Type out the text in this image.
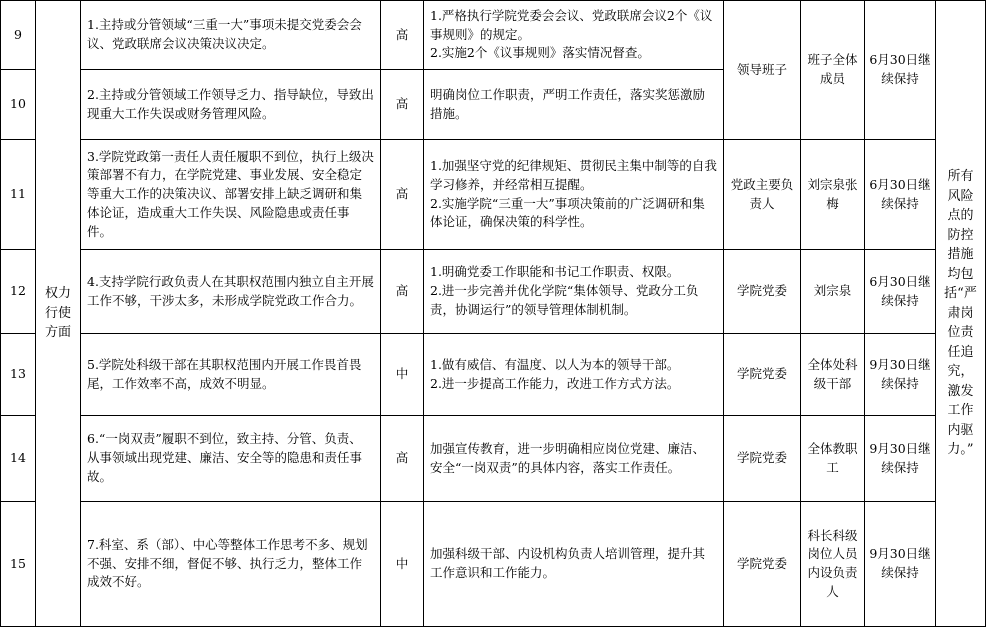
9	权力行使方面	1.主持或分管领域“三重一大”事项未提交党委会会议、党政联席会议决策决议决定。	高	1.严格执行学院党委会会议、党政联席会议2个《议事规则》的规定。
2.实施2个《议事规则》落实情况督查。	领导班子	班子全体成员	6月30日继续保持	所有风险点的防控措施均包括“严肃岗位责任追究，激发工作内驱力。”
10		2.主持或分管领域工作领导乏力、指导缺位，导致出现重大工作失误或财务管理风险。	高	明确岗位工作职责，严明工作责任，落实奖惩激励措施。				

11		3.学院党政第一责任人责任履职不到位，执行上级决策部署不有力，在学院党建、事业发展、安全稳定等重大工作的决策决议、部署安排上缺乏调研和集体论证，造成重大工作失误、风险隐患或责任事件。	高	1.加强坚守党的纪律规矩、贯彻民主集中制等的自我学习修养，并经常相互提醒。
2.实施学院“三重一大”事项决策前的广泛调研和集体论证，确保决策的科学性。	党政主要负责人	刘宗泉张梅	6月30日继续保持	
12		4.支持学院行政负责人在其职权范围内独立自主开展工作不够，干涉太多，未形成学院党政工作合力。	高	1.明确党委工作职能和书记工作职责、权限。
2.进一步完善并优化学院“集体领导、党政分工负责，协调运行”的领导管理体制机制。	学院党委	刘宗泉	6月30日继续保持	
13		5.学院处科级干部在其职权范围内开展工作畏首畏尾，工作效率不高，成效不明显。	中	1.做有威信、有温度、以人为本的领导干部。
2.进一步提高工作能力，改进工作方式方法。	学院党委	全体处科级干部	9月30日继续保持	
14		6.“一岗双责”履职不到位，致主持、分管、负责、从事领域出现党建、廉洁、安全等的隐患和责任事故。	高	加强宣传教育，进一步明确相应岗位党建、廉洁、安全“一岗双责”的具体内容，落实工作责任。	学院党委	全体教职工	9月30日继续保持	
15		7.科室、系（部）、中心等整体工作思考不多、规划不强、安排不细，督促不够、执行乏力，整体工作成效不好。	中	加强科级干部、内设机构负责人培训管理，提升其工作意识和工作能力。	学院党委	科长科级岗位人员内设负责人	9月30日继续保持	
